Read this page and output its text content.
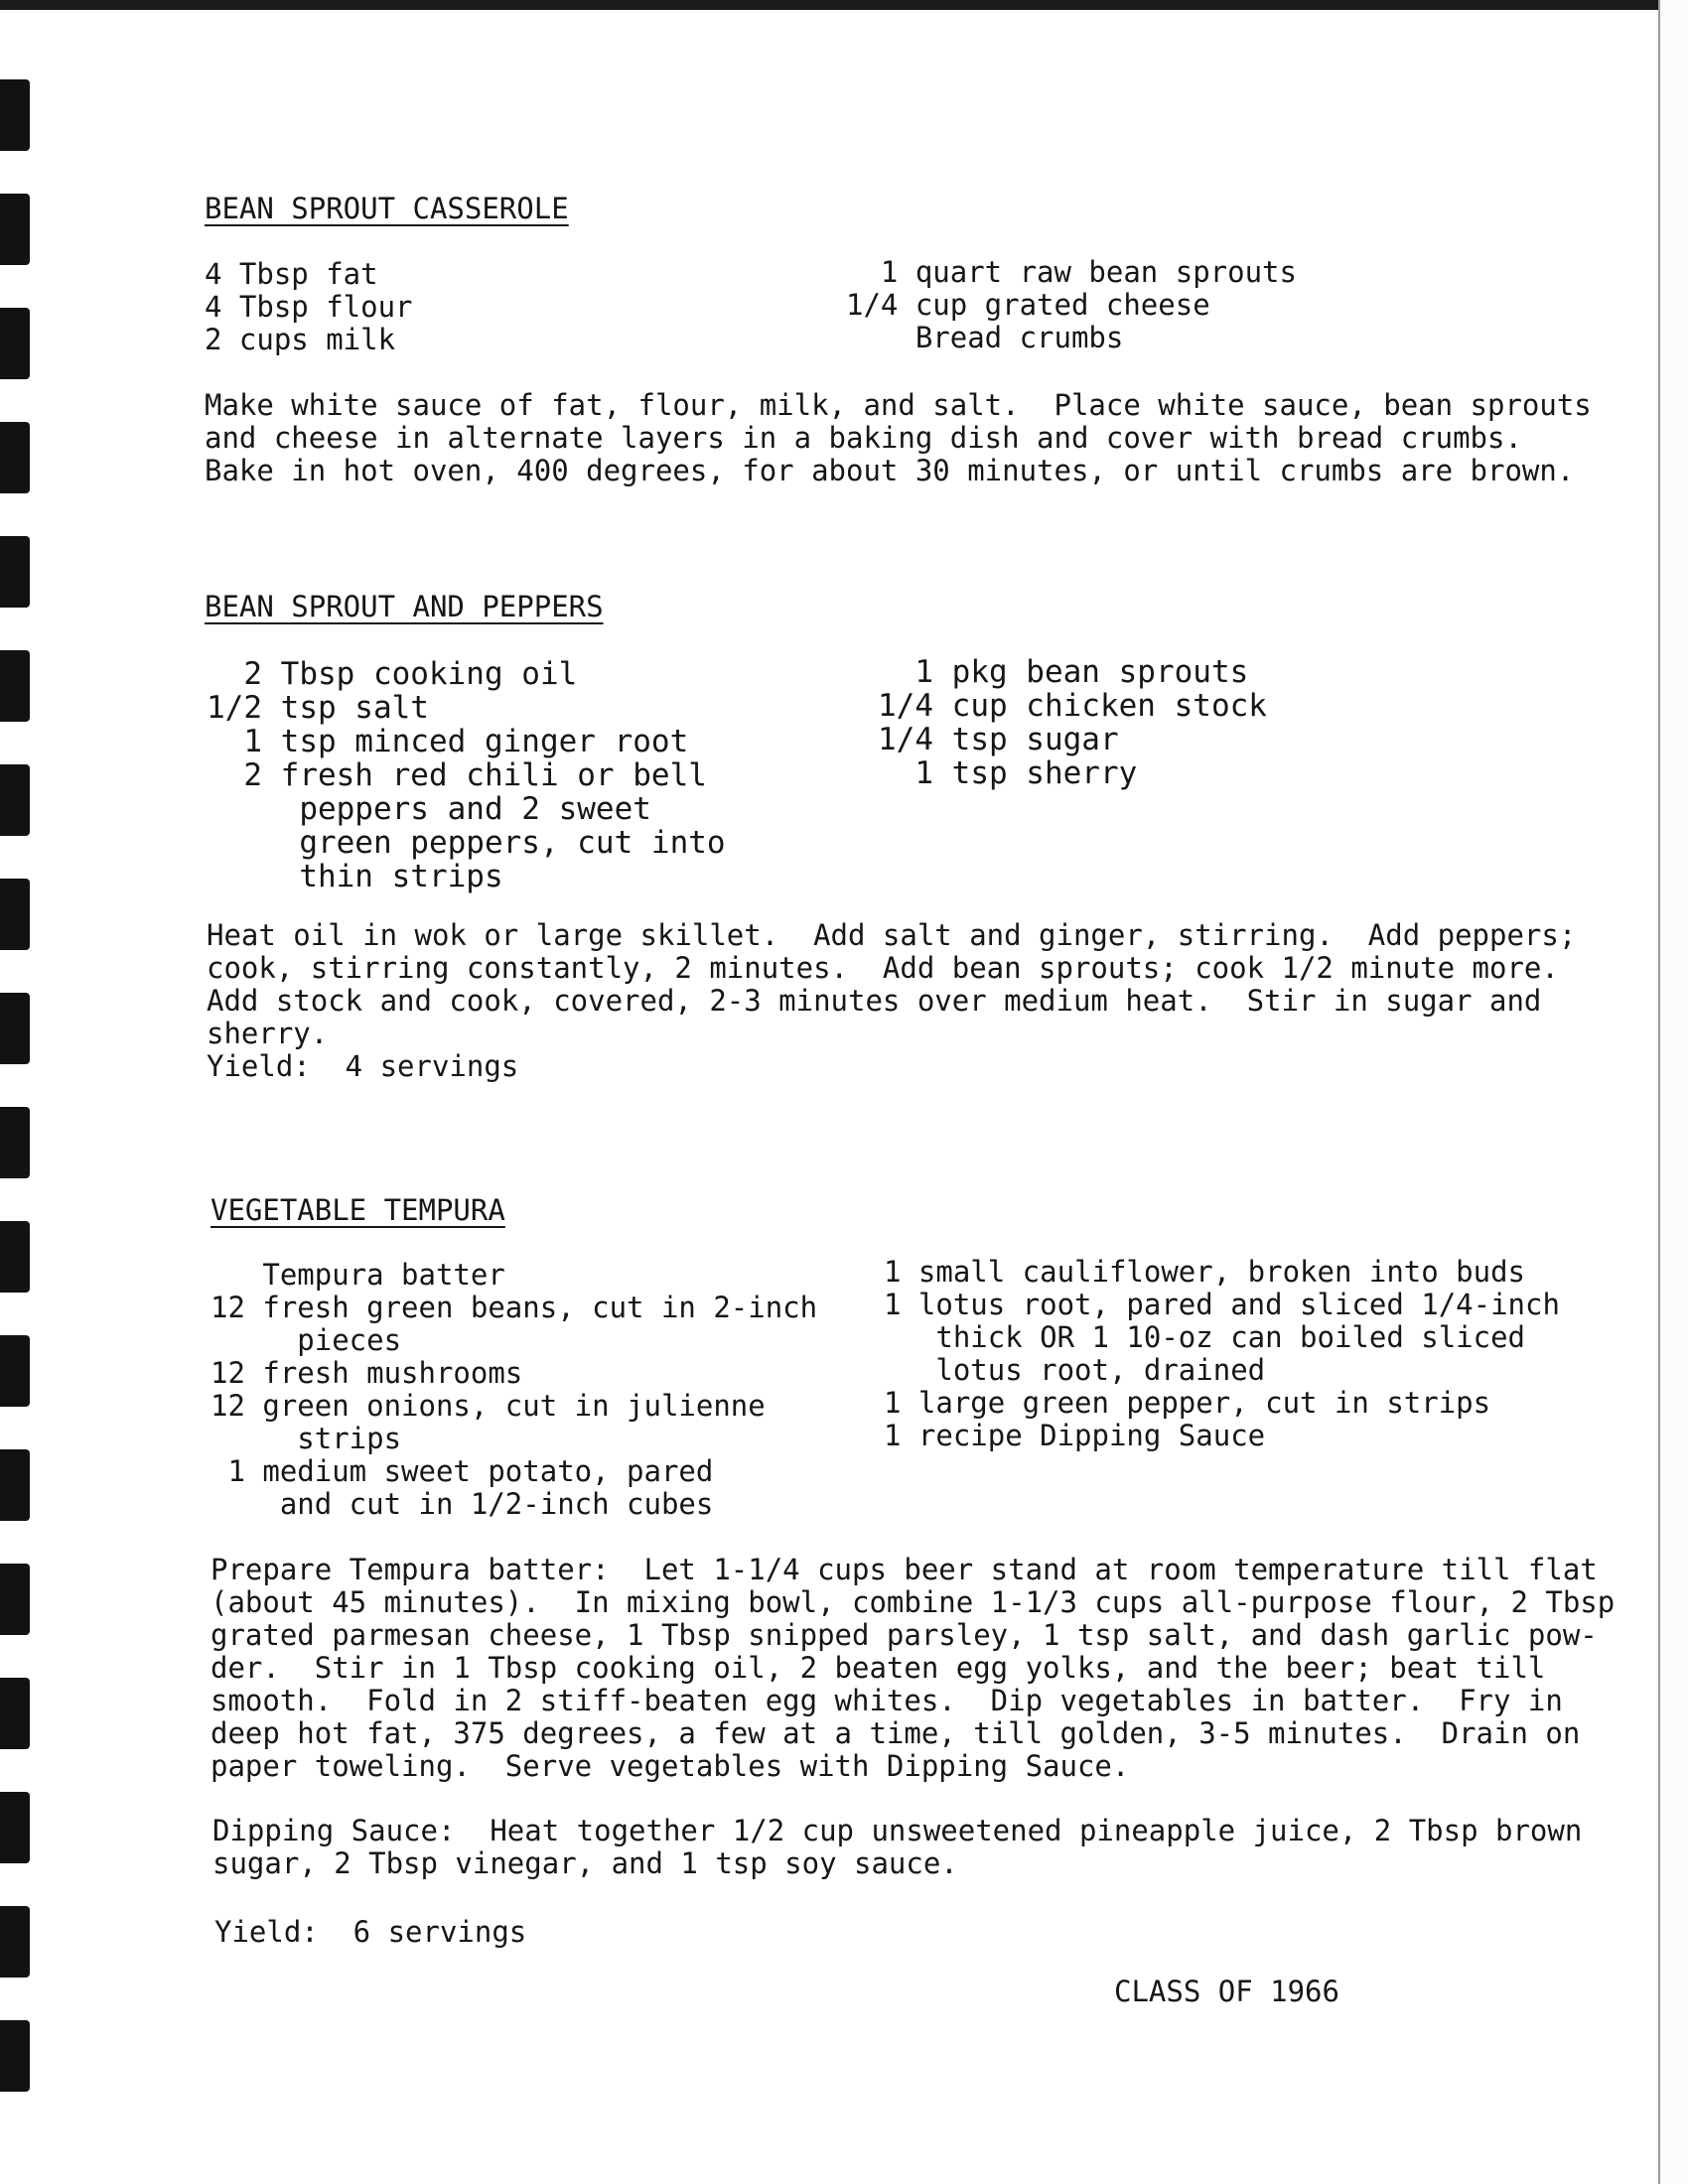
BEAN SPROUT CASSEROLE
4 Tbsp fat
4 Tbsp flour
2 cups milk
1 quart raw bean sprouts
1/4 cup grated cheese
Bread crumbs
Make white sauce of fat, flour, milk, and salt.  Place white sauce, bean sprouts
and cheese in alternate layers in a baking dish and cover with bread crumbs.
Bake in hot oven, 400 degrees, for about 30 minutes, or until crumbs are brown.
BEAN SPROUT AND PEPPERS
2 Tbsp cooking oil
1/2 tsp salt
1 tsp minced ginger root
2 fresh red chili or bell
peppers and 2 sweet
green peppers, cut into
thin strips
1 pkg bean sprouts
1/4 cup chicken stock
1/4 tsp sugar
1 tsp sherry
Heat oil in wok or large skillet.  Add salt and ginger, stirring.  Add peppers;
cook, stirring constantly, 2 minutes.  Add bean sprouts; cook 1/2 minute more.
Add stock and cook, covered, 2-3 minutes over medium heat.  Stir in sugar and
sherry.
Yield:  4 servings
VEGETABLE TEMPURA
Tempura batter
12 fresh green beans, cut in 2-inch
pieces
12 fresh mushrooms
12 green onions, cut in julienne
strips
1 medium sweet potato, pared
and cut in 1/2-inch cubes
1 small cauliflower, broken into buds
1 lotus root, pared and sliced 1/4-inch
thick OR 1 10-oz can boiled sliced
lotus root, drained
1 large green pepper, cut in strips
1 recipe Dipping Sauce
Prepare Tempura batter:  Let 1-1/4 cups beer stand at room temperature till flat
(about 45 minutes).  In mixing bowl, combine 1-1/3 cups all-purpose flour, 2 Tbsp
grated parmesan cheese, 1 Tbsp snipped parsley, 1 tsp salt, and dash garlic pow-
der.  Stir in 1 Tbsp cooking oil, 2 beaten egg yolks, and the beer; beat till
smooth.  Fold in 2 stiff-beaten egg whites.  Dip vegetables in batter.  Fry in
deep hot fat, 375 degrees, a few at a time, till golden, 3-5 minutes.  Drain on
paper toweling.  Serve vegetables with Dipping Sauce.
Dipping Sauce:  Heat together 1/2 cup unsweetened pineapple juice, 2 Tbsp brown
sugar, 2 Tbsp vinegar, and 1 tsp soy sauce.
Yield:  6 servings
CLASS OF 1966
